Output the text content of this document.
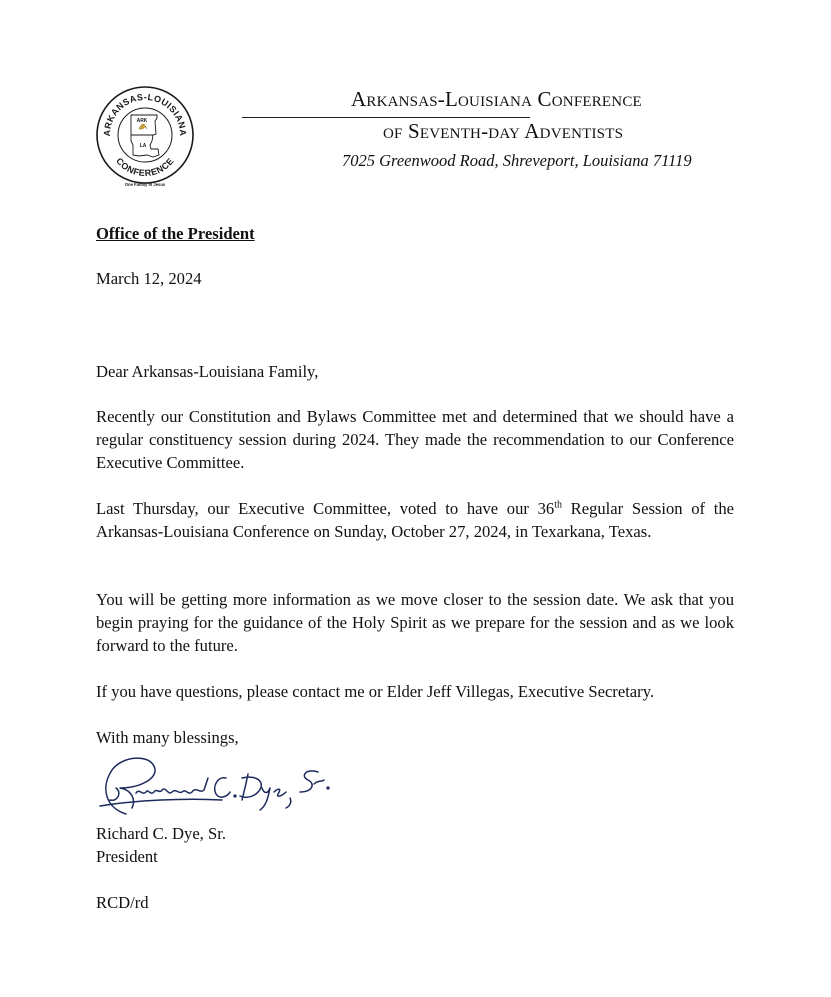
ARKANSAS-LOUISIANA
CONFERENCE
ARK
LA
One Family in Jesus
Arkansas-Louisiana Conference
of Seventh-day Adventists
7025 Greenwood Road, Shreveport, Louisiana 71119
Office of the President
March 12, 2024
Dear Arkansas-Louisiana Family,
Recently our Constitution and Bylaws Committee met and determined that we should have a regular constituency session during 2024. They made the recommendation to our Conference Executive Committee.
Last Thursday, our Executive Committee, voted to have our 36th Regular Session of the Arkansas-Louisiana Conference on Sunday, October 27, 2024, in Texarkana, Texas.
You will be getting more information as we move closer to the session date. We ask that you begin praying for the guidance of the Holy Spirit as we prepare for the session and as we look forward to the future.
If you have questions, please contact me or Elder Jeff Villegas, Executive Secretary.
With many blessings,
Richard C. Dye, Sr.
President
RCD/rd
